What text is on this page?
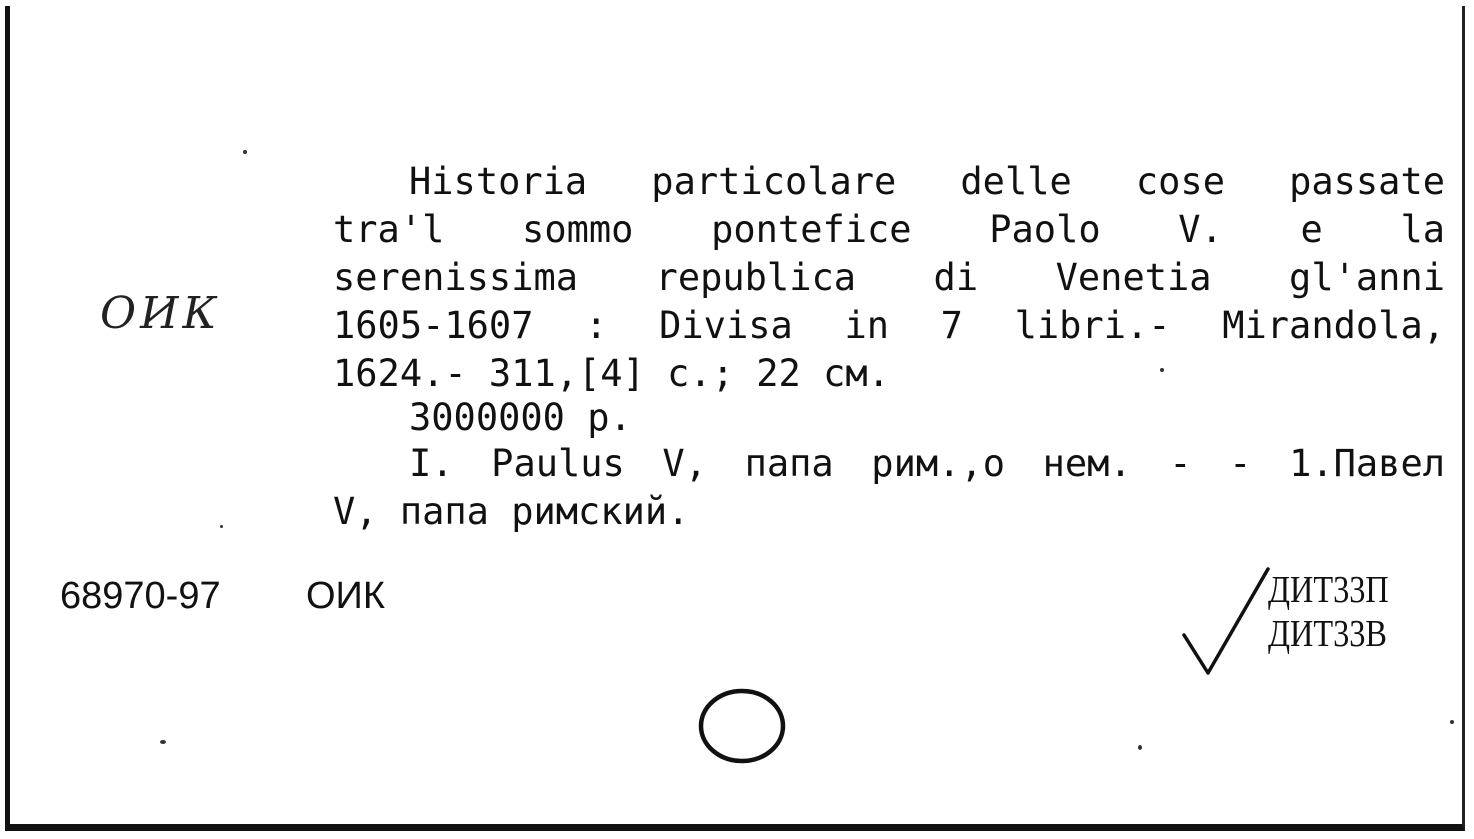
ОИК
Historia particolare delle cose passate
tra'l sommo pontefice Paolo V. e la
serenissima republica di Venetia gl'anni
1605-1607 : Divisa in 7 libri.- Mirandola,
1624.- 311,[4] c.; 22 см.
3000000 р.
I. Paulus V, папа рим.,о нем. - - 1.Павел
V, папа римский.
68970-97 ОИК	ДИТ33П
ДИТ33В
